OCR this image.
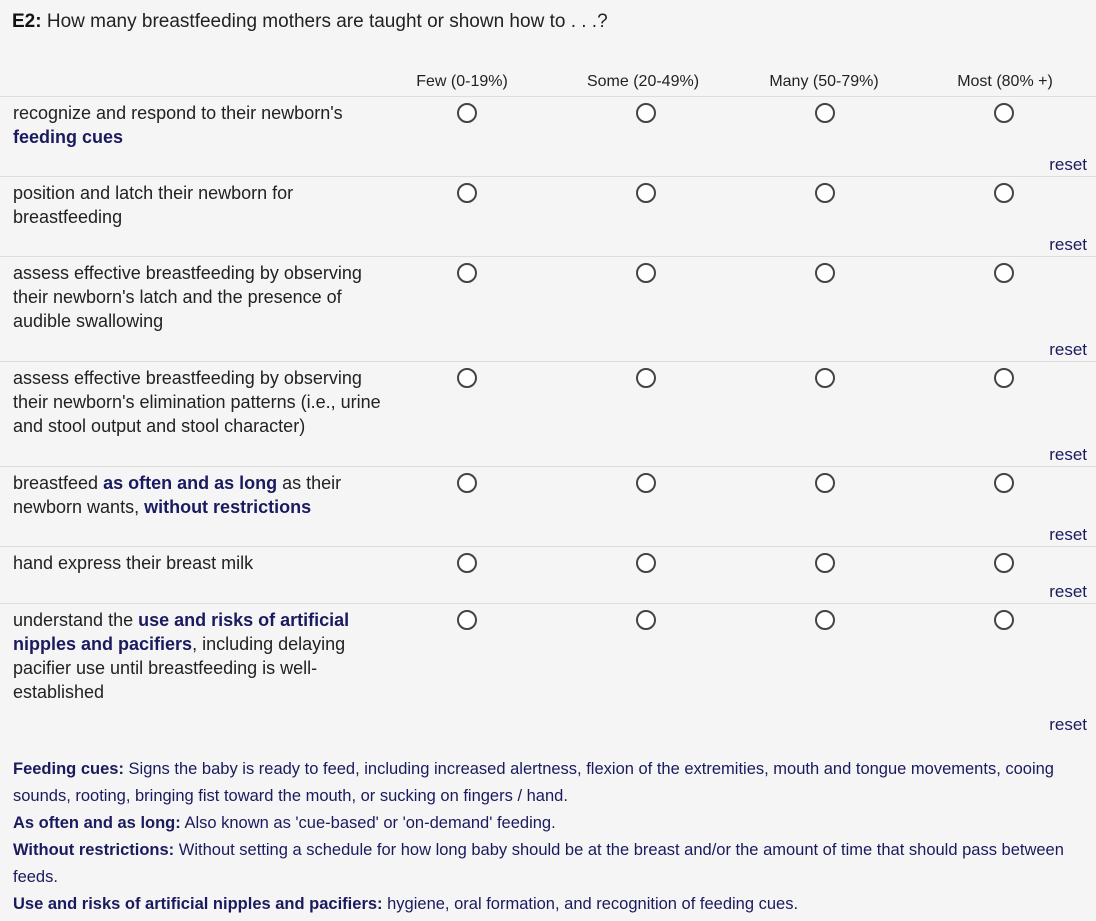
E2: How many breastfeeding mothers are taught or shown how to . . .?
Few (0-19%)	Some (20-49%)	Many (50-79%)	Most (80% +)
recognize and respond to their newborn's feeding cues
reset
position and latch their newborn for breastfeeding
reset
assess effective breastfeeding by observing their newborn's latch and the presence of audible swallowing
reset
assess effective breastfeeding by observing their newborn's elimination patterns (i.e., urine and stool output and stool character)
reset
breastfeed as often and as long as their newborn wants, without restrictions
reset
hand express their breast milk
reset
understand the use and risks of artificial nipples and pacifiers, including delaying pacifier use until breastfeeding is well-established
reset
Feeding cues: Signs the baby is ready to feed, including increased alertness, flexion of the extremities, mouth and tongue movements, cooing sounds, rooting, bringing fist toward the mouth, or sucking on fingers / hand.
As often and as long: Also known as 'cue-based' or 'on-demand' feeding.
Without restrictions: Without setting a schedule for how long baby should be at the breast and/or the amount of time that should pass between feeds.
Use and risks of artificial nipples and pacifiers: hygiene, oral formation, and recognition of feeding cues.
